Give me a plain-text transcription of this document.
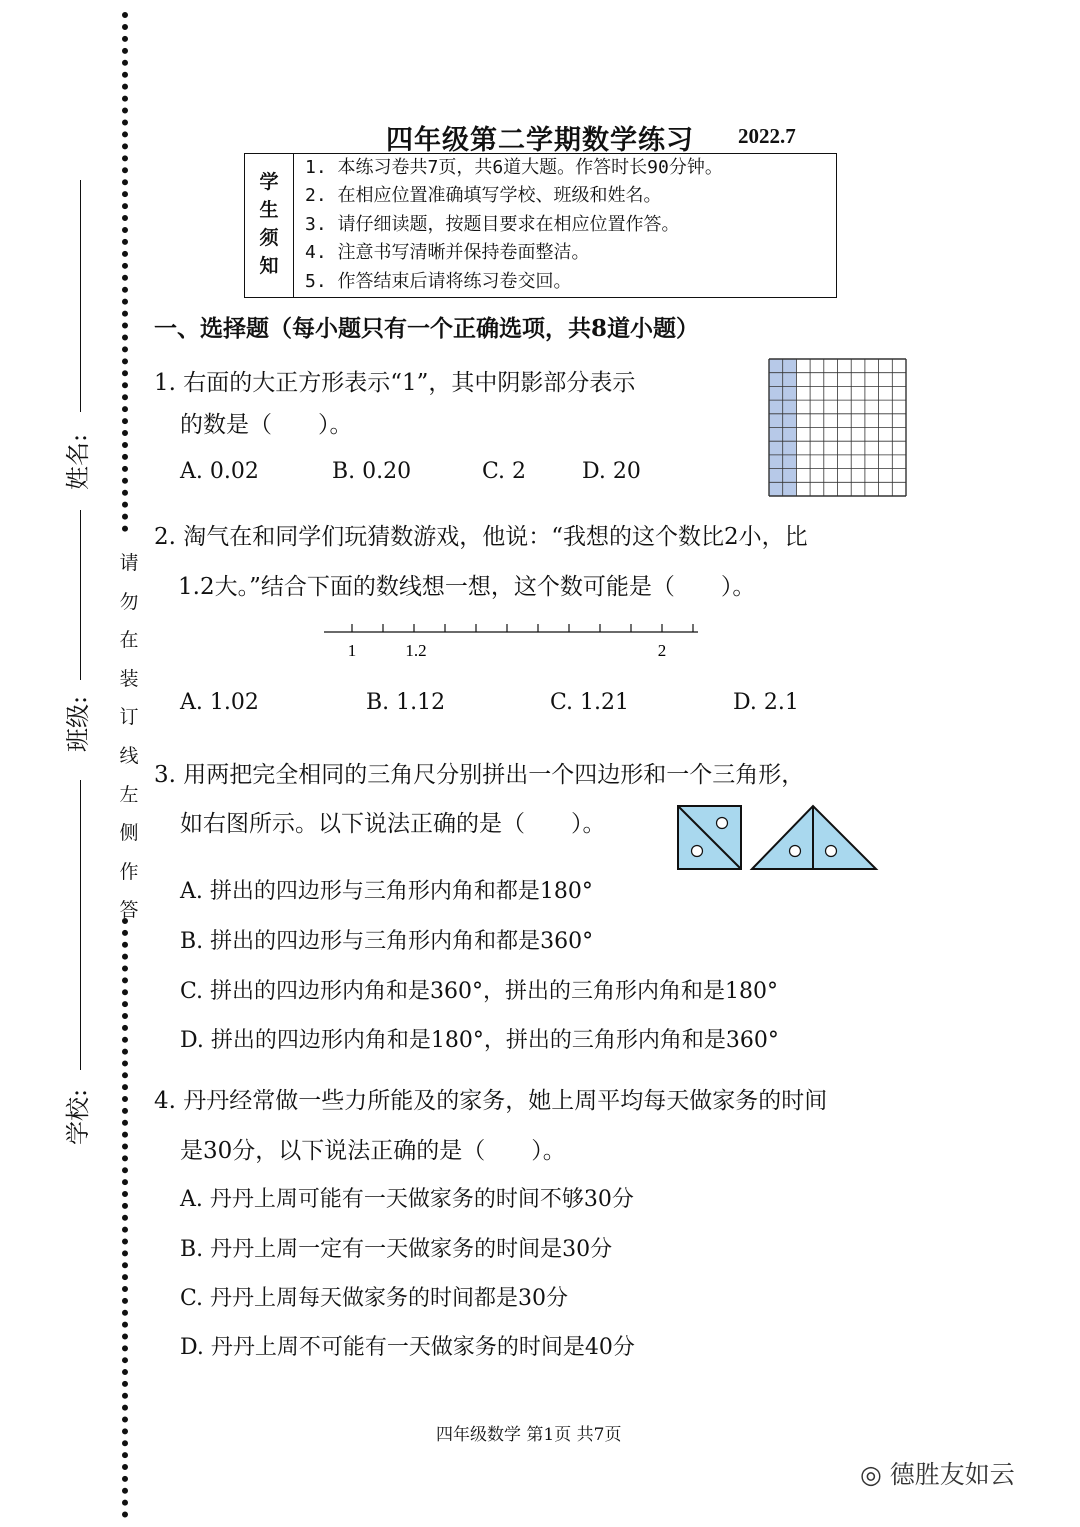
请
勿
在
装
订
线
左
侧
作
答
姓名:
班级:
学校:
四年级第二学期数学练习 2022.7
学
生
须
知
1. 本练习卷共7页，共6道大题。作答时长90分钟。
2. 在相应位置准确填写学校、班级和姓名。
3. 请仔细读题，按题目要求在相应位置作答。
4. 注意书写清晰并保持卷面整洁。
5. 作答结束后请将练习卷交回。
一、选择题（每小题只有一个正确选项，共8道小题）
1. 右面的大正方形表示“1”，其中阴影部分表示
的数是（　　）。
A. 0.02	B. 0.20	C. 2	D. 20
2. 淘气在和同学们玩猜数游戏，他说：“我想的这个数比2小，比
1.2大。”结合下面的数线想一想，这个数可能是（　　）。
1	1.2	2
A. 1.02	B. 1.12	C. 1.21	D. 2.1
3. 用两把完全相同的三角尺分别拼出一个四边形和一个三角形，
如右图所示。以下说法正确的是（　　）。
A. 拼出的四边形与三角形内角和都是180°
B. 拼出的四边形与三角形内角和都是360°
C. 拼出的四边形内角和是360°，拼出的三角形内角和是180°
D. 拼出的四边形内角和是180°，拼出的三角形内角和是360°
4. 丹丹经常做一些力所能及的家务，她上周平均每天做家务的时间
是30分，以下说法正确的是（　　）。
A. 丹丹上周可能有一天做家务的时间不够30分
B. 丹丹上周一定有一天做家务的时间是30分
C. 丹丹上周每天做家务的时间都是30分
D. 丹丹上周不可能有一天做家务的时间是40分
四年级数学 第1页 共7页
◎ 德胜友如云
